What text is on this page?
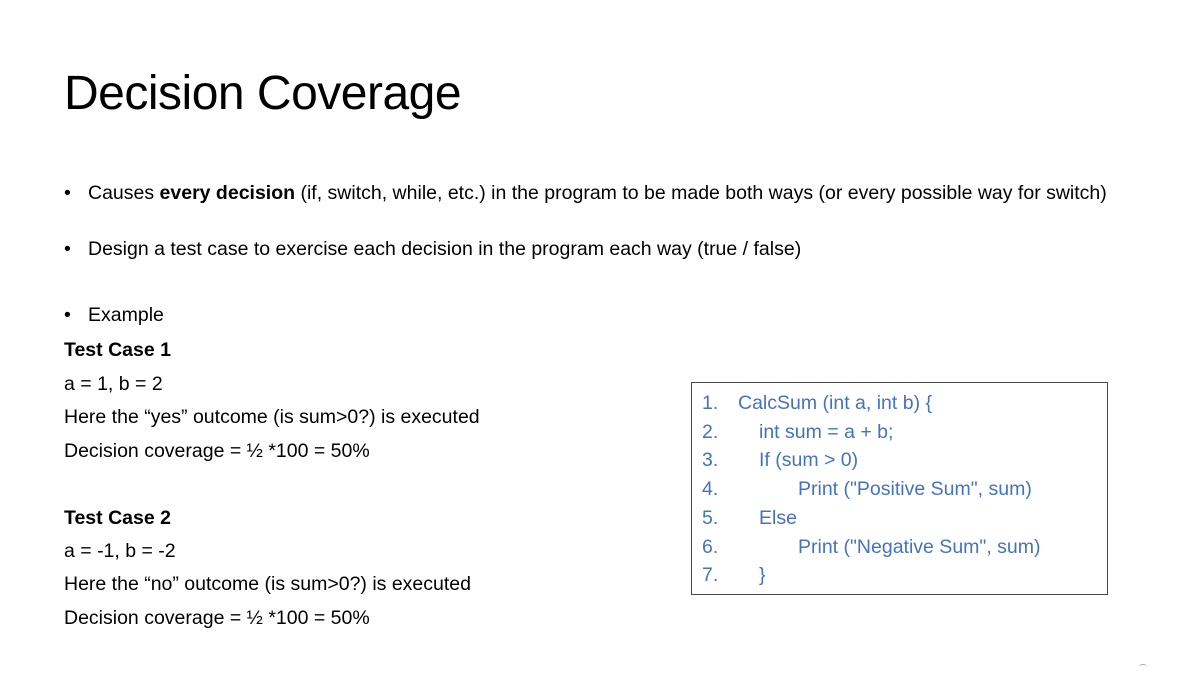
Decision Coverage
• Causes every decision (if, switch, while, etc.) in the program to be made both ways (or every possible way for switch)
• Design a test case to exercise each decision in the program each way (true / false)
• Example
Test Case 1
a = 1, b = 2
Here the “yes” outcome (is sum>0?) is executed
Decision coverage = ½ *100 = 50%
Test Case 2
a = -1, b = -2
Here the “no” outcome (is sum>0?) is executed
Decision coverage = ½ *100 = 50%
1. CalcSum (int a, int b) {
2. int sum = a + b;
3. If (sum > 0)
4.	Print ("Positive Sum", sum)
5. Else
6.	Print ("Negative Sum", sum)
7. }
